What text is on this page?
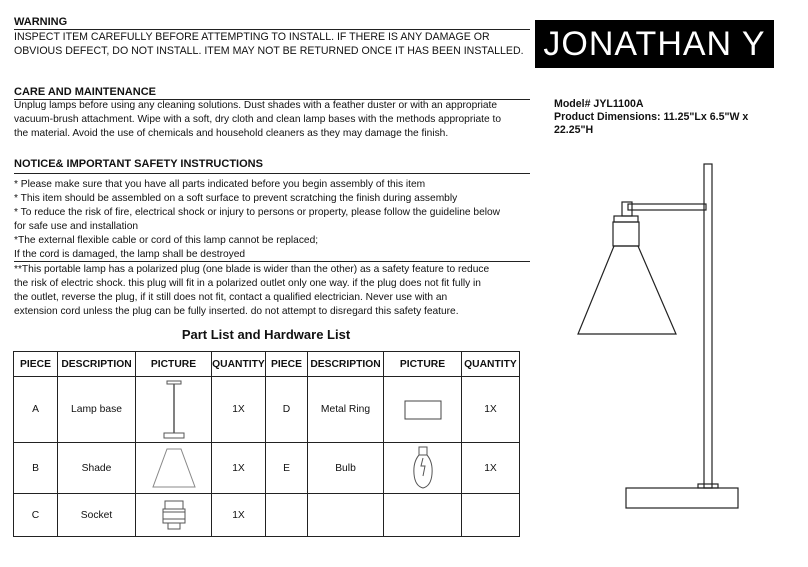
WARNING
INSPECT ITEM CAREFULLY BEFORE ATTEMPTING TO INSTALL. IF THERE IS ANY DAMAGE OR
OBVIOUS DEFECT, DO NOT INSTALL. ITEM MAY NOT BE RETURNED ONCE IT HAS BEEN INSTALLED. JONATHAN Y
CARE AND MAINTENANCE
Unplug lamps before using any cleaning solutions. Dust shades with a feather duster or with an appropriate
vacuum-brush attachment. Wipe with a soft, dry cloth and clean lamp bases with the methods appropriate to
the material. Avoid the use of chemicals and household cleaners as they may damage the finish.
Model# JYL1100A
Product Dimensions: 11.25"Lx 6.5"W x
22.25"H
NOTICE& IMPORTANT SAFETY INSTRUCTIONS
* Please make sure that you have all parts indicated before you begin assembly of this item
* This item should be assembled on a soft surface to prevent scratching the finish during assembly
* To reduce the risk of fire, electrical shock or injury to persons or property, please follow the guideline below
for safe use and installation
*The external flexible cable or cord of this lamp cannot be replaced;
If the cord is damaged, the lamp shall be destroyed
**This portable lamp has a polarized plug (one blade is wider than the other) as a safety feature to reduce
the risk of electric shock. this plug will fit in a polarized outlet only one way. if the plug does not fit fully in
the outlet, reverse the plug, if it still does not fit, contact a qualified electrician. Never use with an
extension cord unless the plug can be fully inserted. do not attempt to disregard this safety feature.
Part List and Hardware List
PIECE	DESCRIPTION	PICTURE	QUANTITY	PIECE	DESCRIPTION	PICTURE	QUANTITY
A	Lamp base		1X	D	Metal Ring		1X
B	Shade		1X	E	Bulb		1X
C	Socket		1X				
